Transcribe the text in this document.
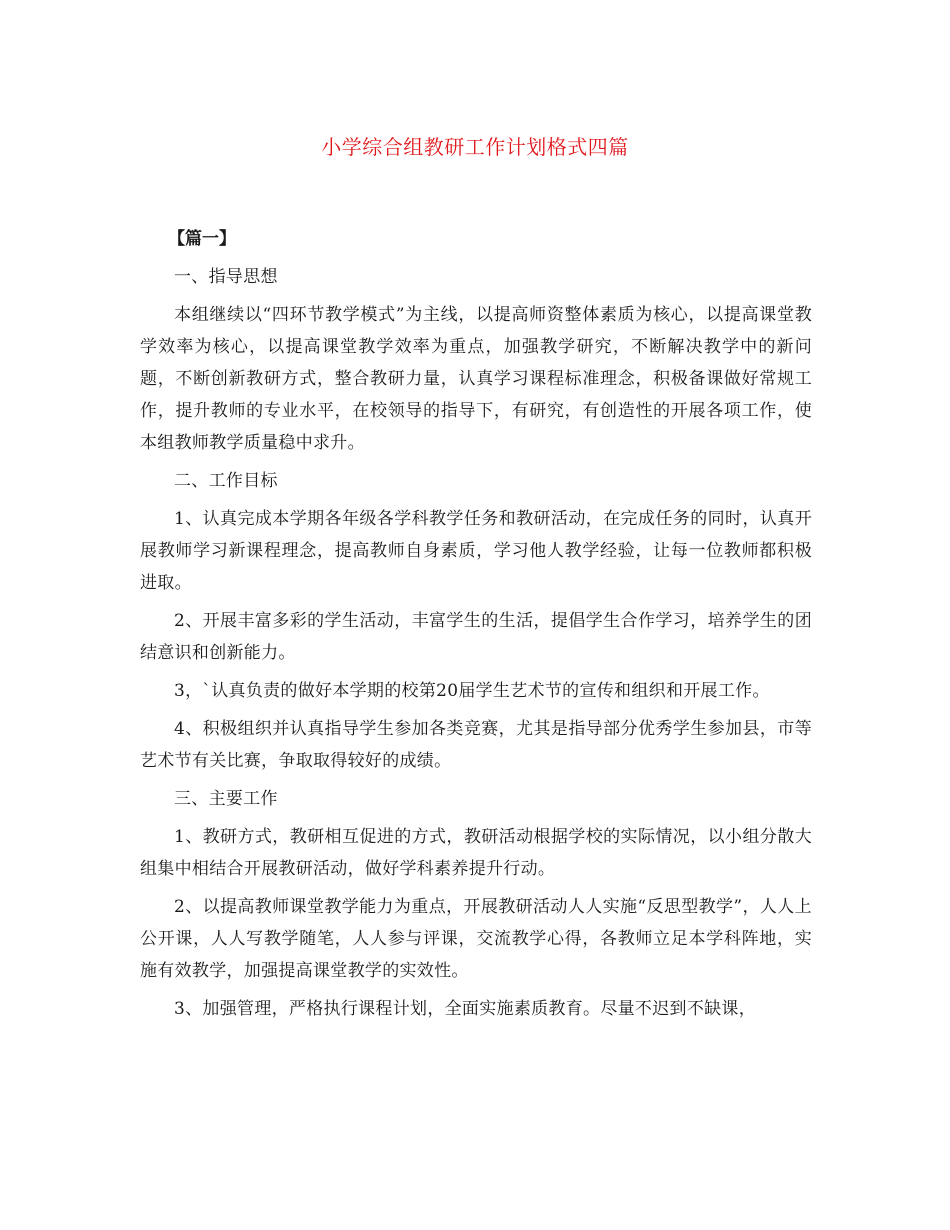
小学综合组教研工作计划格式四篇

【篇一】

一、指导思想

本组继续以“四环节教学模式”为主线，以提高师资整体素质为核心，以提高课堂教学效率为核心，以提高课堂教学效率为重点，加强教学研究，不断解决教学中的新问题，不断创新教研方式，整合教研力量，认真学习课程标准理念，积极备课做好常规工作，提升教师的专业水平，在校领导的指导下，有研究，有创造性的开展各项工作，使本组教师教学质量稳中求升。

二、工作目标

1、认真完成本学期各年级各学科教学任务和教研活动，在完成任务的同时，认真开展教师学习新课程理念，提高教师自身素质，学习他人教学经验，让每一位教师都积极进取。

2、开展丰富多彩的学生活动，丰富学生的生活，提倡学生合作学习，培养学生的团结意识和创新能力。

3，`认真负责的做好本学期的校第20届学生艺术节的宣传和组织和开展工作。

4、积极组织并认真指导学生参加各类竞赛，尤其是指导部分优秀学生参加县，市等艺术节有关比赛，争取取得较好的成绩。

三、主要工作

1、教研方式，教研相互促进的方式，教研活动根据学校的实际情况，以小组分散大组集中相结合开展教研活动，做好学科素养提升行动。

2、以提高教师课堂教学能力为重点，开展教研活动人人实施“反思型教学”，人人上公开课，人人写教学随笔，人人参与评课，交流教学心得，各教师立足本学科阵地，实施有效教学，加强提高课堂教学的实效性。

3、加强管理，严格执行课程计划，全面实施素质教育。尽量不迟到不缺课，
